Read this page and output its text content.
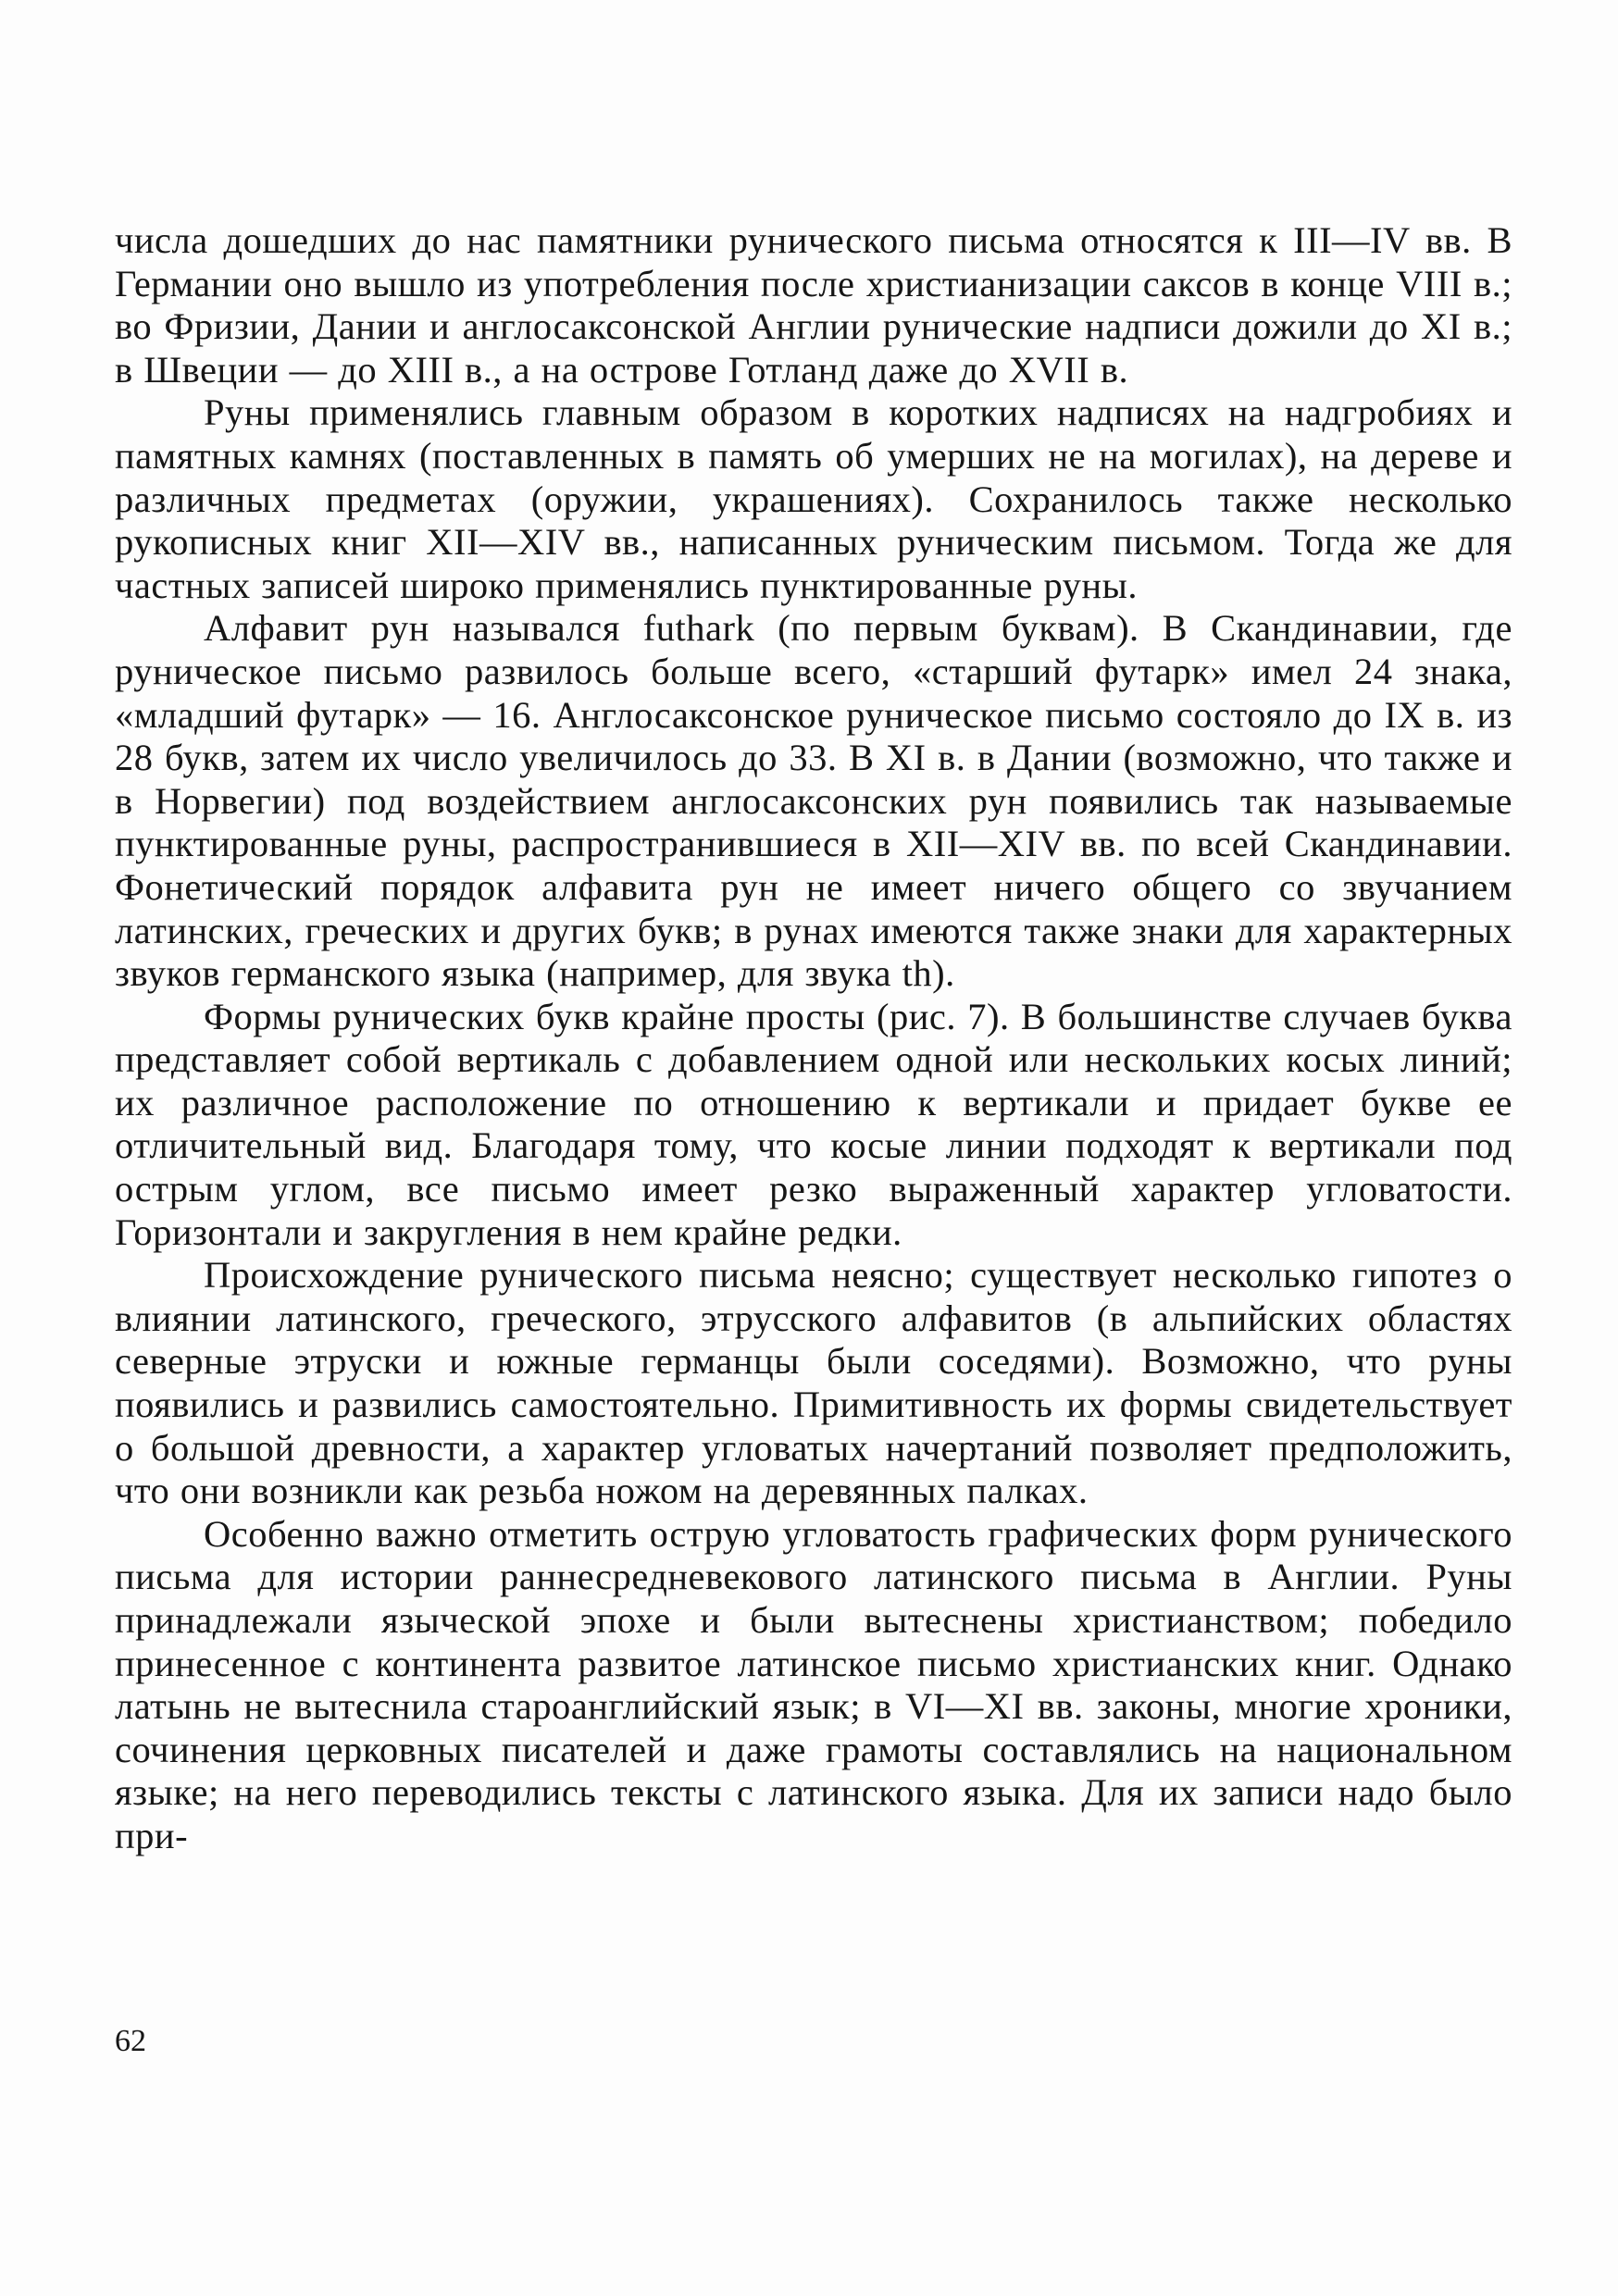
числа дошедших до нас памятники рунического письма относятся к III—IV вв. В Германии оно вышло из употребления после христианизации саксов в конце VIII в.; во Фризии, Дании и англосаксонской Англии рунические надписи дожили до XI в.; в Швеции — до XIII в., а на острове Готланд даже до XVII в.

Руны применялись главным образом в коротких надписях на надгробиях и памятных камнях (поставленных в память об умерших не на могилах), на дереве и различных предметах (оружии, украшениях). Сохранилось также несколько рукописных книг XII—XIV вв., написанных руническим письмом. Тогда же для частных записей широко применялись пунктированные руны.

Алфавит рун назывался futhark (по первым буквам). В Скандинавии, где руническое письмо развилось больше всего, «старший футарк» имел 24 знака, «младший футарк» — 16. Англосаксонское руническое письмо состояло до IX в. из 28 букв, затем их число увеличилось до 33. В XI в. в Дании (возможно, что также и в Норвегии) под воздействием англосаксонских рун появились так называемые пунктированные руны, распространившиеся в XII—XIV вв. по всей Скандинавии. Фонетический порядок алфавита рун не имеет ничего общего со звучанием латинских, греческих и других букв; в рунах имеются также знаки для характерных звуков германского языка (например, для звука th).

Формы рунических букв крайне просты (рис. 7). В большинстве случаев буква представляет собой вертикаль с добавлением одной или нескольких косых линий; их различное расположение по отношению к вертикали и придает букве ее отличительный вид. Благодаря тому, что косые линии подходят к вертикали под острым углом, все письмо имеет резко выраженный характер угловатости. Горизонтали и закругления в нем крайне редки.

Происхождение рунического письма неясно; существует несколько гипотез о влиянии латинского, греческого, этрусского алфавитов (в альпийских областях северные этруски и южные германцы были соседями). Возможно, что руны появились и развились самостоятельно. Примитивность их формы свидетельствует о большой древности, а характер угловатых начертаний позволяет предположить, что они возникли как резьба ножом на деревянных палках.

Особенно важно отметить острую угловатость графических форм рунического письма для истории раннесредневекового латинского письма в Англии. Руны принадлежали языческой эпохе и были вытеснены христианством; победило принесенное с континента развитое латинское письмо христианских книг. Однако латынь не вытеснила староанглийский язык; в VI—XI вв. законы, многие хроники, сочинения церковных писателей и даже грамоты составлялись на национальном языке; на него переводились тексты с латинского языка. Для их записи надо было при-

62
